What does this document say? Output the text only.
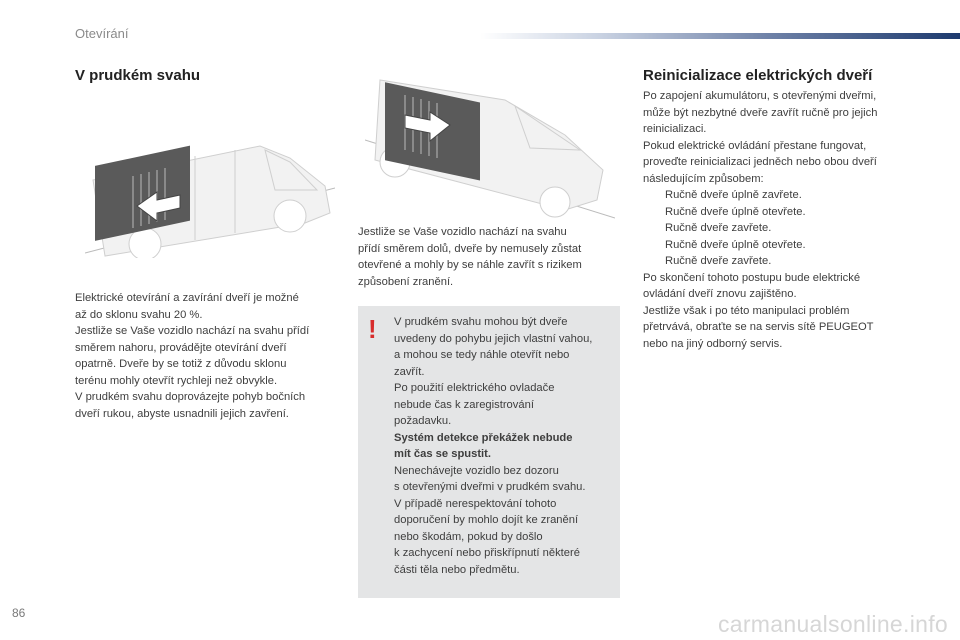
Otevírání
V prudkém svahu

Elektrické otevírání a zavírání dveří je možné

až do sklonu svahu 20 %.

Jestliže se Vaše vozidlo nachází na svahu přídí

směrem nahoru, provádějte otevírání dveří

opatrně. Dveře by se totiž z důvodu sklonu

terénu mohly otevřít rychleji než obvykle.

V prudkém svahu doprovázejte pohyb bočních

dveří rukou, abyste usnadnili jejich zavření.

Jestliže se Vaše vozidlo nachází na svahu

přídí směrem dolů, dveře by nemusely zůstat

otevřené a mohly by se náhle zavřít s rizikem

způsobení zranění.

! V prudkém svahu mohou být dveře

uvedeny do pohybu jejich vlastní vahou,

a mohou se tedy náhle otevřít nebo

zavřít.

Po použití elektrického ovladače

nebude čas k zaregistrování

požadavku.

Systém detekce překážek nebude

mít čas se spustit.

Nenechávejte vozidlo bez dozoru

s otevřenými dveřmi v prudkém svahu.

V případě nerespektování tohoto

doporučení by mohlo dojít ke zranění

nebo škodám, pokud by došlo

k zachycení nebo přiskřípnutí některé

části těla nebo předmětu.

Reinicializace elektrických dveří

Po zapojení akumulátoru, s otevřenými dveřmi,

může být nezbytné dveře zavřít ručně pro jejich

reinicializaci.

Pokud elektrické ovládání přestane fungovat,

proveďte reinicializaci jedněch nebo obou dveří

následujícím způsobem:

Ručně dveře úplně zavřete.
Ručně dveře úplně otevřete.
Ručně dveře zavřete.
Ručně dveře úplně otevřete.
Ručně dveře zavřete.

Po skončení tohoto postupu bude elektrické

ovládání dveří znovu zajištěno.

Jestliže však i po této manipulaci problém

přetrvává, obraťte se na servis sítě PEUGEOT

nebo na jiný odborný servis.

86	carmanualsonline.info
